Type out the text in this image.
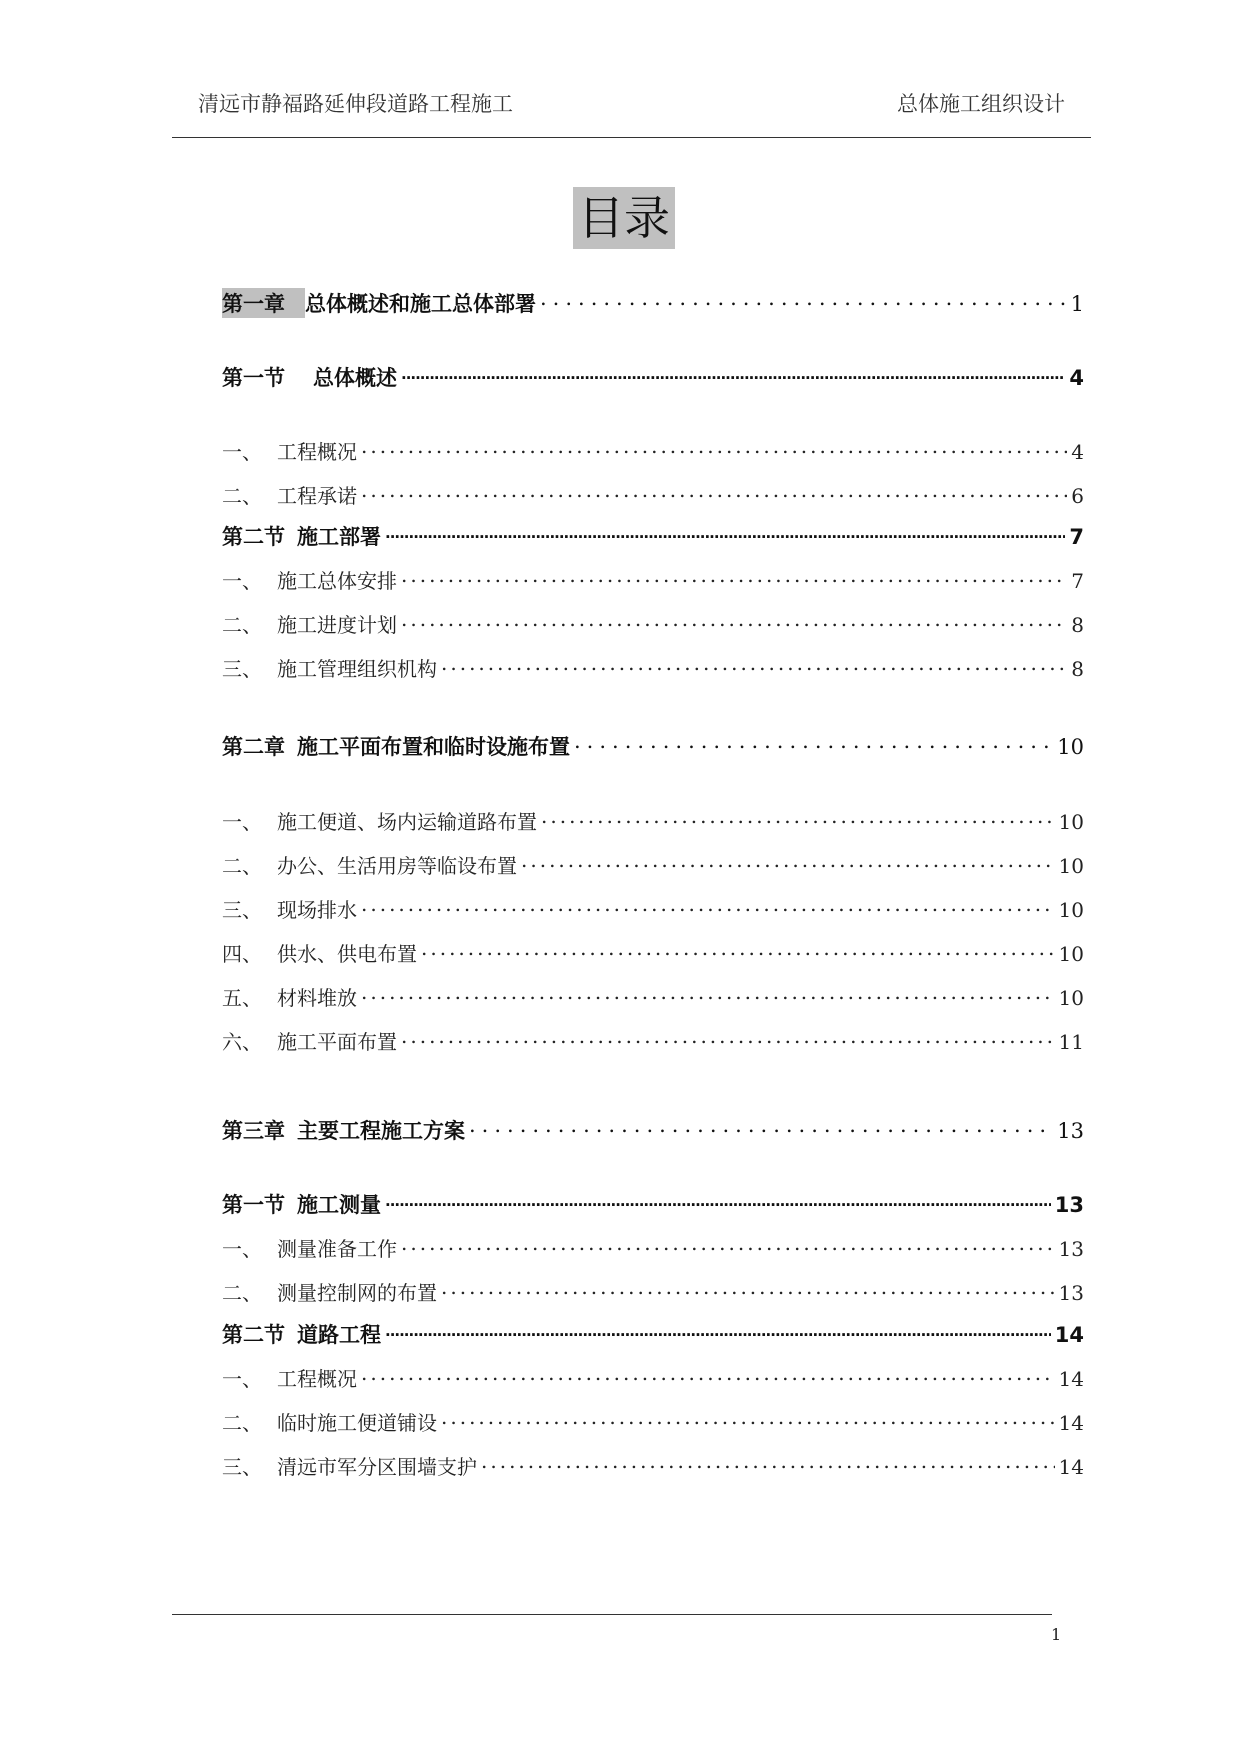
清远市静福路延伸段道路工程施工	总体施工组织设计
目录
第一章 总体概述和施工总体部署 .....	1
第一节 总体概述 .....	4
一、 工程概况 .....	4
二、 工程承诺 .....	6
第二节 施工部署 .....	7
一、 施工总体安排 .....	7
二、 施工进度计划 .....	8
三、 施工管理组织机构 .....	8
第二章 施工平面布置和临时设施布置 .....	10
一、 施工便道、场内运输道路布置 .....	10
二、 办公、生活用房等临设布置 .....	10
三、 现场排水 .....	10
四、 供水、供电布置 .....	10
五、 材料堆放 .....	10
六、 施工平面布置 .....	11
第三章 主要工程施工方案 .....	13
第一节 施工测量 .....	13
一、 测量准备工作 .....	13
二、 测量控制网的布置 .....	13
第二节 道路工程 .....	14
一、 工程概况 .....	14
二、 临时施工便道铺设 .....	14
三、 清远市军分区围墙支护 .....	14
1
